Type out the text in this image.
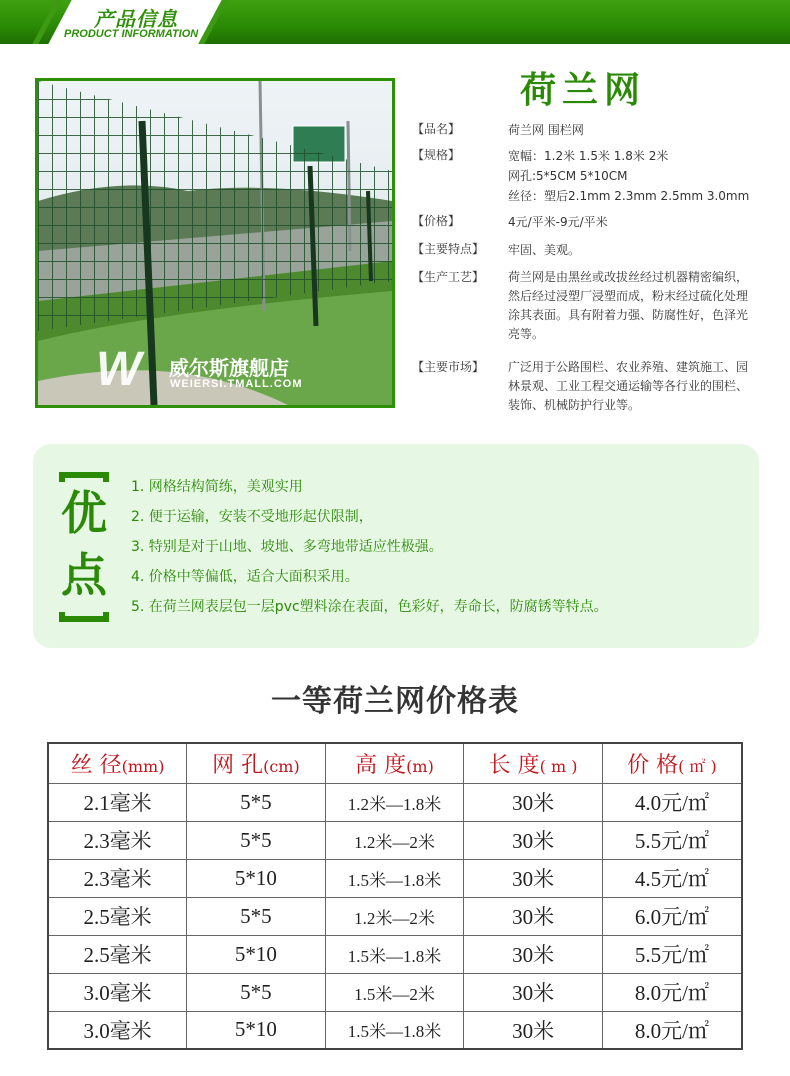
产品信息
PRODUCT INFORMATION
W 威尔斯旗舰店
WEIERSI.TMALL.COM
荷兰网
【品名】	荷兰网 围栏网
【规格】	宽幅：1.2米 1.5米 1.8米 2米
网孔:5*5CM 5*10CM
丝径：塑后2.1mm 2.3mm 2.5mm 3.0mm
【价格】	4元/平米-9元/平米
【主要特点】	牢固、美观。
【生产工艺】	荷兰网是由黑丝或改拔丝经过机器精密编织，然后经过浸塑厂浸塑而成，粉末经过硫化处理涂其表面。具有附着力强、防腐性好，色泽光亮等。
【主要市场】	广泛用于公路围栏、农业养殖、建筑施工、园林景观、工业工程交通运输等各行业的围栏、装饰、机械防护行业等。
优
点
1. 网格结构简练，美观实用
2. 便于运输，安装不受地形起伏限制，
3. 特别是对于山地、坡地、多弯地带适应性极强。
4. 价格中等偏低，适合大面积采用。
5. 在荷兰网表层包一层pvc塑料涂在表面，色彩好，寿命长，防腐锈等特点。
一等荷兰网价格表
丝 径(mm)	网 孔(cm)	高 度(m)	长 度( m )	价 格( ㎡ )
2.1毫米	5*5	1.2米—1.8米	30米	4.0元/㎡
2.3毫米	5*5	1.2米—2米	30米	5.5元/㎡
2.3毫米	5*10	1.5米—1.8米	30米	4.5元/㎡
2.5毫米	5*5	1.2米—2米	30米	6.0元/㎡
2.5毫米	5*10	1.5米—1.8米	30米	5.5元/㎡
3.0毫米	5*5	1.5米—2米	30米	8.0元/㎡
3.0毫米	5*10	1.5米—1.8米	30米	8.0元/㎡
